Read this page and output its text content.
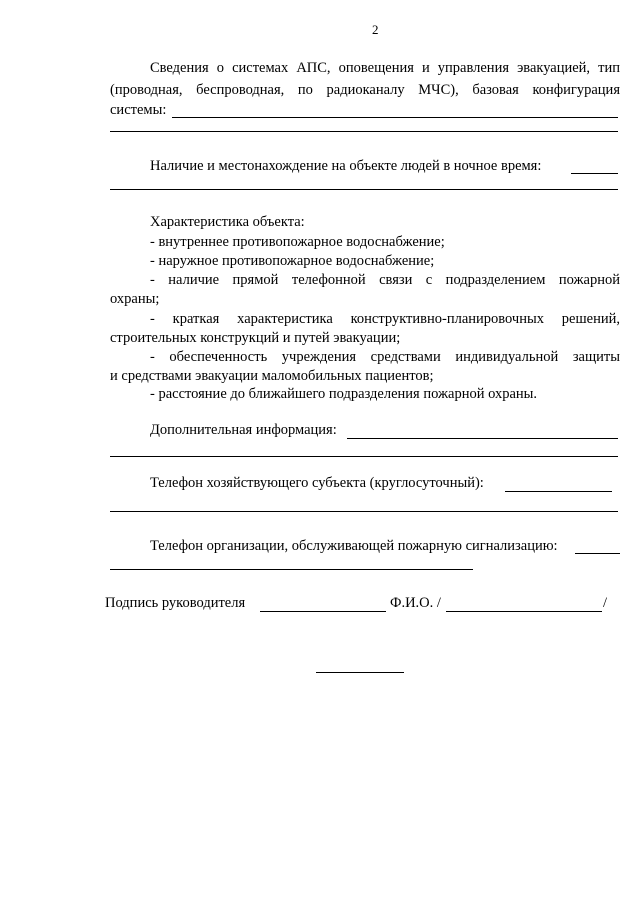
2
Сведения о системах АПС, оповещения и управления эвакуацией, тип
(проводная, беспроводная, по радиоканалу МЧС), базовая конфигурация
системы:
Наличие и местонахождение на объекте людей в ночное время:
Характеристика объекта:
- внутреннее противопожарное водоснабжение;
- наружное противопожарное водоснабжение;
- наличие прямой телефонной связи с подразделением пожарной
охраны;
- краткая характеристика конструктивно-планировочных решений,
строительных конструкций и путей эвакуации;
- обеспеченность учреждения средствами индивидуальной защиты
и средствами эвакуации маломобильных пациентов;
- расстояние до ближайшего подразделения пожарной охраны.
Дополнительная информация:
Телефон хозяйствующего субъекта (круглосуточный):
Телефон организации, обслуживающей пожарную сигнализацию:
Подпись руководителя	Ф.И.О. /	/
